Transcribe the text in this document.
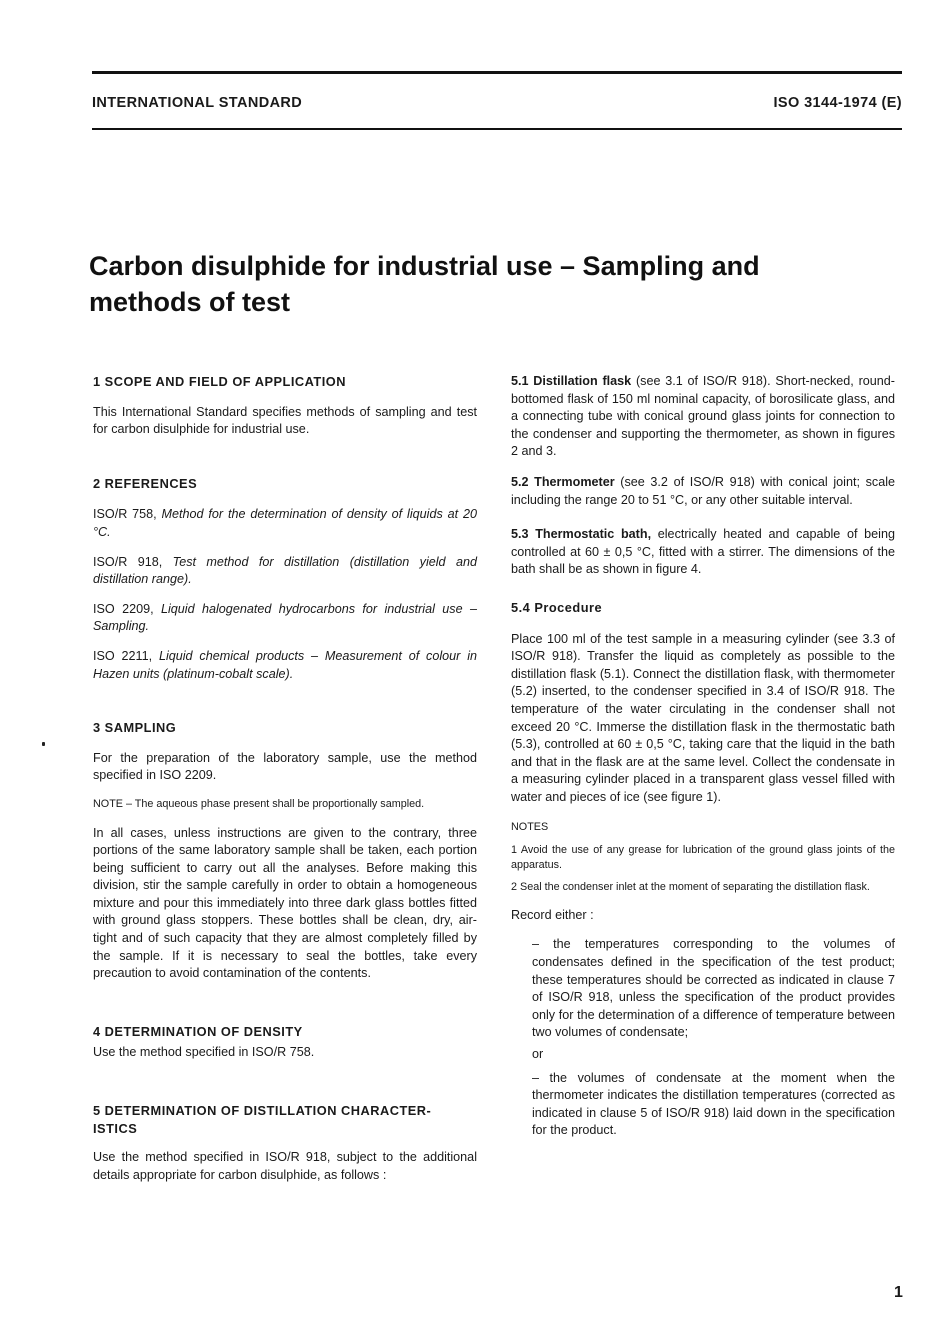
INTERNATIONAL STANDARD	ISO 3144-1974 (E)
Carbon disulphide for industrial use – Sampling and
methods of test
1 SCOPE AND FIELD OF APPLICATION

This International Standard specifies methods of sampling and test for carbon disulphide for industrial use.

2 REFERENCES

ISO/R 758, Method for the determination of density of liquids at 20 °C.

ISO/R 918, Test method for distillation (distillation yield and distillation range).

ISO 2209, Liquid halogenated hydrocarbons for industrial use – Sampling.

ISO 2211, Liquid chemical products – Measurement of colour in Hazen units (platinum-cobalt scale).

3 SAMPLING

For the preparation of the laboratory sample, use the method specified in ISO 2209.

NOTE – The aqueous phase present shall be proportionally sampled.

In all cases, unless instructions are given to the contrary, three portions of the same laboratory sample shall be taken, each portion being sufficient to carry out all the analyses. Before making this division, stir the sample carefully in order to obtain a homogeneous mixture and pour this immediately into three dark glass bottles fitted with ground glass stoppers. These bottles shall be clean, dry, air-tight and of such capacity that they are almost completely filled by the sample. If it is necessary to seal the bottles, take every precaution to avoid contamination of the contents.

4 DETERMINATION OF DENSITY

Use the method specified in ISO/R 758.

5 DETERMINATION OF DISTILLATION CHARACTER-
ISTICS

Use the method specified in ISO/R 918, subject to the additional details appropriate for carbon disulphide, as follows :

5.1 Distillation flask (see 3.1 of ISO/R 918). Short-necked, round-bottomed flask of 150 ml nominal capacity, of borosilicate glass, and a connecting tube with conical ground glass joints for connection to the condenser and supporting the thermometer, as shown in figures 2 and 3.

5.2 Thermometer (see 3.2 of ISO/R 918) with conical joint; scale including the range 20 to 51 °C, or any other suitable interval.

5.3 Thermostatic bath, electrically heated and capable of being controlled at 60 ± 0,5 °C, fitted with a stirrer. The dimensions of the bath shall be as shown in figure 4.

5.4 Procedure

Place 100 ml of the test sample in a measuring cylinder (see 3.3 of ISO/R 918). Transfer the liquid as completely as possible to the distillation flask (5.1). Connect the distillation flask, with thermometer (5.2) inserted, to the condenser specified in 3.4 of ISO/R 918. The temperature of the water circulating in the condenser shall not exceed 20 °C. Immerse the distillation flask in the thermostatic bath (5.3), controlled at 60 ± 0,5 °C, taking care that the liquid in the bath and that in the flask are at the same level. Collect the condensate in a measuring cylinder placed in a transparent glass vessel filled with water and pieces of ice (see figure 1).

NOTES

1 Avoid the use of any grease for lubrication of the ground glass joints of the apparatus.

2 Seal the condenser inlet at the moment of separating the distillation flask.

Record either :

– the temperatures corresponding to the volumes of condensates defined in the specification of the test product; these temperatures should be corrected as indicated in clause 7 of ISO/R 918, unless the specification of the product provides only for the determination of a difference of temperature between two volumes of condensate;

or

– the volumes of condensate at the moment when the thermometer indicates the distillation temperatures (corrected as indicated in clause 5 of ISO/R 918) laid down in the specification for the product.

1
